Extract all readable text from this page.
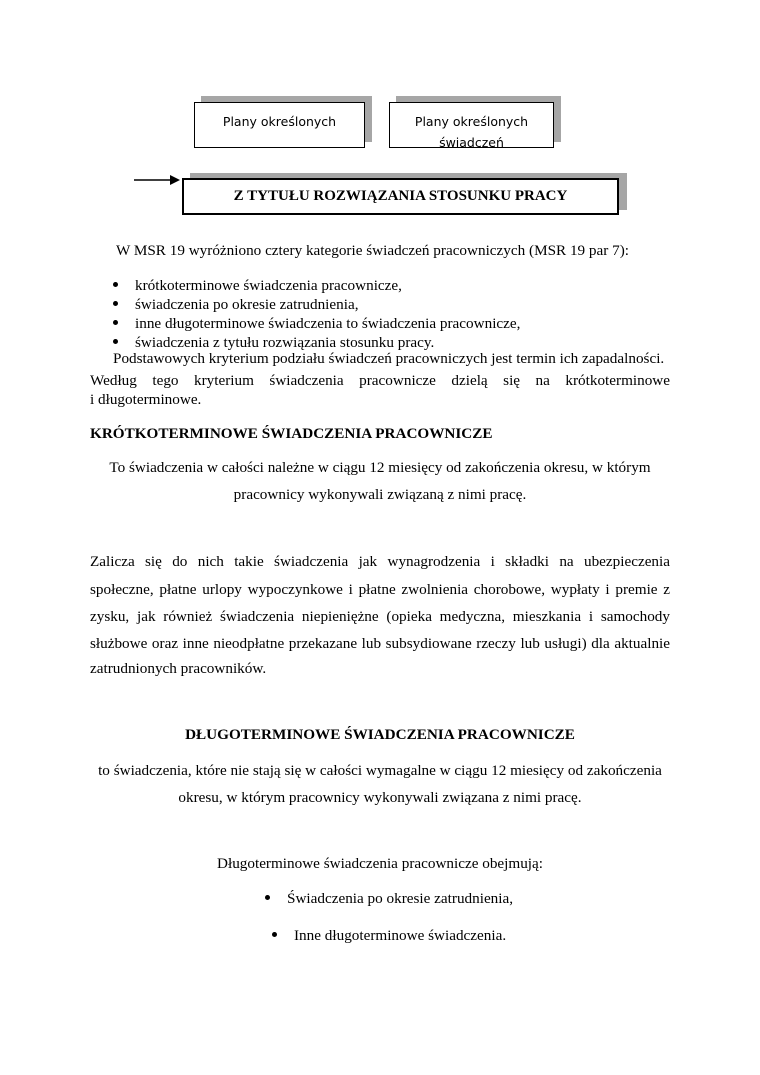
Plany określonych	Plany określonych
świadczeń
Z TYTUŁU ROZWIĄZANIA STOSUNKU PRACY
W MSR 19 wyróżniono cztery kategorie świadczeń pracowniczych (MSR 19 par 7):
krótkoterminowe świadczenia pracownicze,
świadczenia po okresie zatrudnienia,
inne długoterminowe świadczenia to świadczenia pracownicze,
świadczenia z tytułu rozwiązania stosunku pracy.
Podstawowych kryterium podziału świadczeń pracowniczych jest termin ich zapadalności.
Według tego kryterium świadczenia pracownicze dzielą się na krótkoterminowe
i długoterminowe.
KRÓTKOTERMINOWE ŚWIADCZENIA PRACOWNICZE
To świadczenia w całości należne w ciągu 12 miesięcy od zakończenia okresu, w którym
pracownicy wykonywali związaną z nimi pracę.
Zalicza się do nich takie świadczenia jak wynagrodzenia i składki na ubezpieczenia
społeczne, płatne urlopy wypoczynkowe i płatne zwolnienia chorobowe, wypłaty i premie z
zysku, jak również świadczenia niepieniężne (opieka medyczna, mieszkania i samochody
służbowe oraz inne nieodpłatne przekazane lub subsydiowane rzeczy lub usługi) dla aktualnie
zatrudnionych pracowników.
DŁUGOTERMINOWE ŚWIADCZENIA PRACOWNICZE
to świadczenia, które nie stają się w całości wymagalne w ciągu 12 miesięcy od zakończenia
okresu, w którym pracownicy wykonywali związana z nimi pracę.
Długoterminowe świadczenia pracownicze obejmują:
Świadczenia po okresie zatrudnienia,
Inne długoterminowe świadczenia.
